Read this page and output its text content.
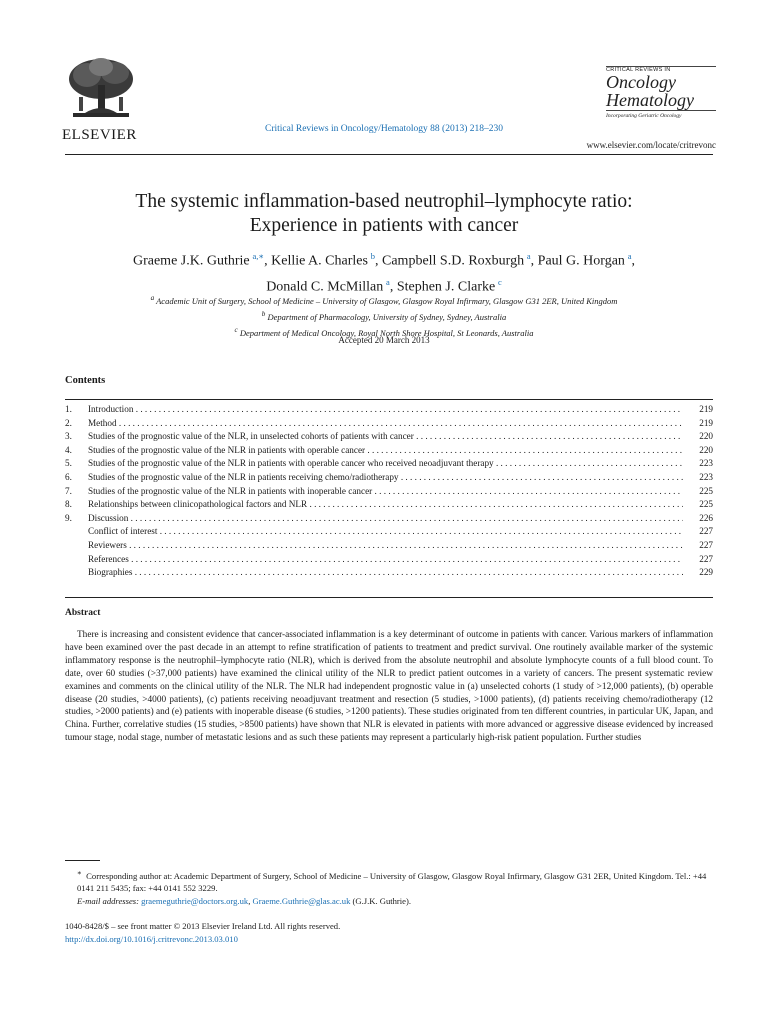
ELSEVIER	Critical Reviews in Oncology/Hematology 88 (2013) 218–230
CRITICAL REVIEWS IN
Oncology
Hematology
Incorporating Geriatric Oncology
www.elsevier.com/locate/critrevonc
The systemic inflammation-based neutrophil–lymphocyte ratio:
Experience in patients with cancer
Graeme J.K. Guthrie  $^{a,∗}$, Kellie A. Charles  $^b$, Campbell S.D. Roxburgh  $^a$, Paul G. Horgan  $^a$,
Donald C. McMillan  $^a$, Stephen J. Clarke  $^c$
$^a$ Academic Unit of Surgery, School of Medicine – University of Glasgow, Glasgow Royal Infirmary, Glasgow G31 2ER, United Kingdom
$^b$ Department of Pharmacology, University of Sydney, Sydney, Australia
$^c$ Department of Medical Oncology, Royal North Shore Hospital, St Leonards, Australia
Accepted 20 March 2013
Contents
1.	Introduction . . .	219
2.	Method . . .	219
3.	Studies of the prognostic value of the NLR, in unselected cohorts of patients with cancer . . .	220
4.	Studies of the prognostic value of the NLR in patients with operable cancer . . .	220
5.	Studies of the prognostic value of the NLR in patients with operable cancer who received neoadjuvant therapy . . .	223
6.	Studies of the prognostic value of the NLR in patients receiving chemo/radiotherapy . . .	223
7.	Studies of the prognostic value of the NLR in patients with inoperable cancer . . .	225
8.	Relationships between clinicopathological factors and NLR . . .	225
9.	Discussion . . .	226
Conflict of interest . . .	227
Reviewers . . .	227
References . . .	227
Biographies . . .	229
Abstract

There is increasing and consistent evidence that cancer-associated inflammation is a key determinant of outcome in patients with cancer. Various markers of inflammation have been examined over the past decade in an attempt to refine stratification of patients to treatment and predict survival. One routinely available marker of the systemic inflammatory response is the neutrophil–lymphocyte ratio (NLR), which is derived from the absolute neutrophil and absolute lymphocyte counts of a full blood count. To date, over 60 studies (>37,000 patients) have examined the clinical utility of the NLR to predict patient outcomes in a variety of cancers. The present systematic review examines and comments on the clinical utility of the NLR. The NLR had independent prognostic value in (a) unselected cohorts (1 study of >12,000 patients), (b) operable disease (20 studies, >4000 patients), (c) patients receiving neoadjuvant treatment and resection (5 studies, >1000 patients), (d) patients receiving chemo/radiotherapy (12 studies, >2000 patients) and (e) patients with inoperable disease (6 studies, >1200 patients). These studies originated from ten different countries, in particular UK, Japan, and China. Further, correlative studies (15 studies, >8500 patients) have shown that NLR is elevated in patients with more advanced or aggressive disease evidenced by increased tumour stage, nodal stage, number of metastatic lesions and as such these patients may represent a particularly high-risk patient population. Further studies

∗ Corresponding author at: Academic Department of Surgery, School of Medicine – University of Glasgow, Glasgow Royal Infirmary, Glasgow G31 2ER, United Kingdom. Tel.: +44 0141 211 5435; fax: +44 0141 552 3229.
E-mail addresses: graemeguthrie@doctors.org.uk, Graeme.Guthrie@glas.ac.uk (G.J.K. Guthrie).
1040-8428/$ – see front matter © 2013 Elsevier Ireland Ltd. All rights reserved.
http://dx.doi.org/10.1016/j.critrevonc.2013.03.010
